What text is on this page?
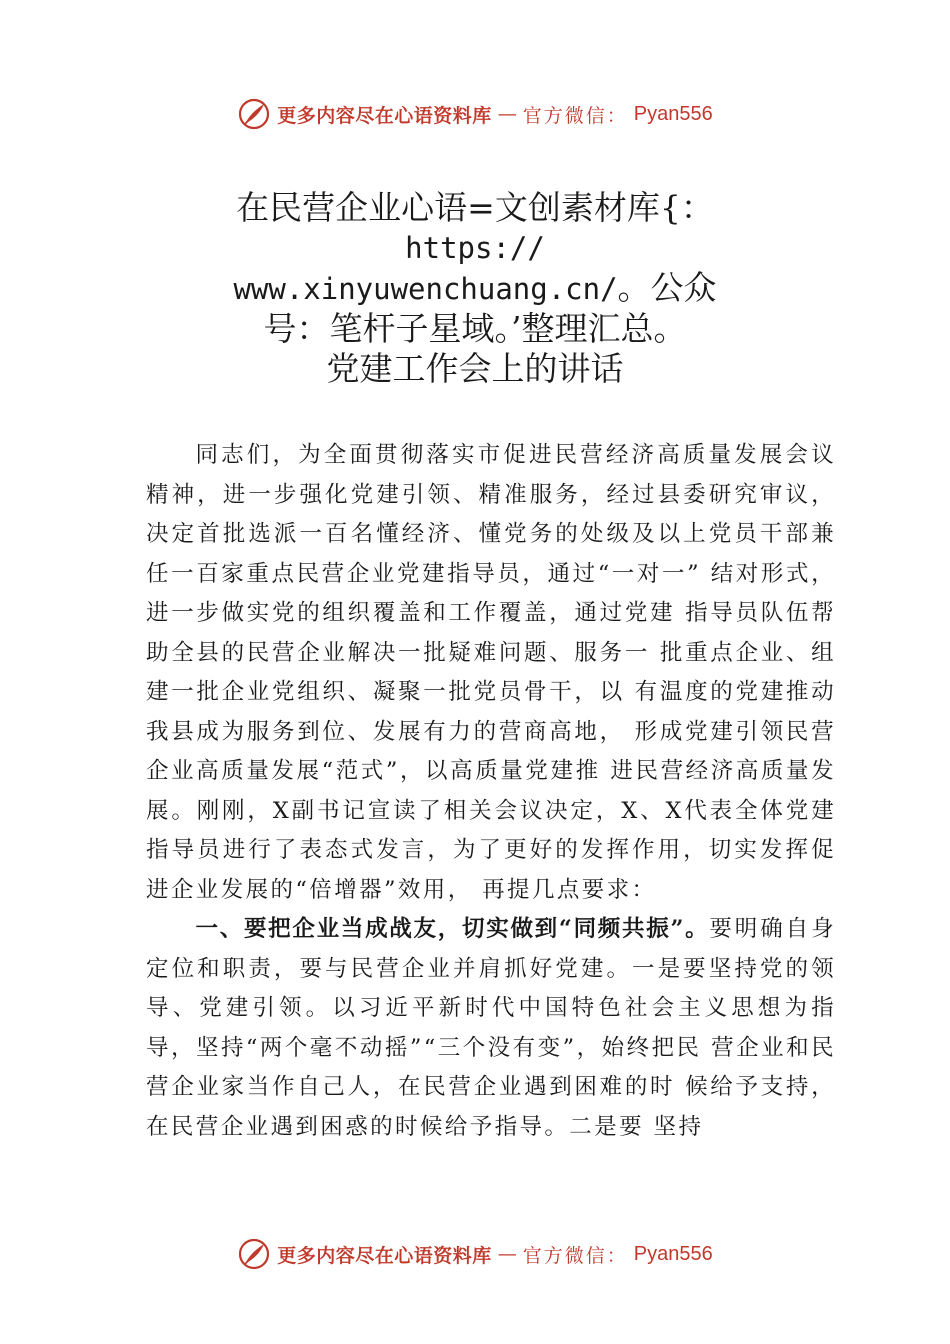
更多内容尽在心语资料库 — 官方微信： Pyan556
在民营企业心语=文创素材库{：
https://
www.xinyuwenchuang.cn/。公众
号：笔杆子星域。’整理汇总。
党建工作会上的讲话

同志们，为全面贯彻落实市促进民营经济高质量发展会议精神，进一步强化党建引领、精准服务，经过县委研究审议，决定首批选派一百名懂经济、懂党务的处级及以上党员干部兼任一百家重点民营企业党建指导员，通过“一对一” 结对形式，进一步做实党的组织覆盖和工作覆盖，通过党建 指导员队伍帮助全县的民营企业解决一批疑难问题、服务一 批重点企业、组建一批企业党组织、凝聚一批党员骨干，以 有温度的党建推动我县成为服务到位、发展有力的营商高地， 形成党建引领民营企业高质量发展“范式”，以高质量党建推 进民营经济高质量发展。刚刚，X副书记宣读了相关会议决定，X、X代表全体党建指导员进行了表态式发言，为了更好的发挥作用，切实发挥促进企业发展的“倍增器”效用， 再提几点要求：

一、要把企业当成战友，切实做到“同频共振”。要明确自身定位和职责，要与民营企业并肩抓好党建。一是要坚持党的领导、党建引领。以习近平新时代中国特色社会主义思想为指导，坚持“两个毫不动摇”“三个没有变”，始终把民 营企业和民营企业家当作自己人，在民营企业遇到困难的时 候给予支持，在民营企业遇到困惑的时候给予指导。二是要 坚持

更多内容尽在心语资料库 — 官方微信： Pyan556
